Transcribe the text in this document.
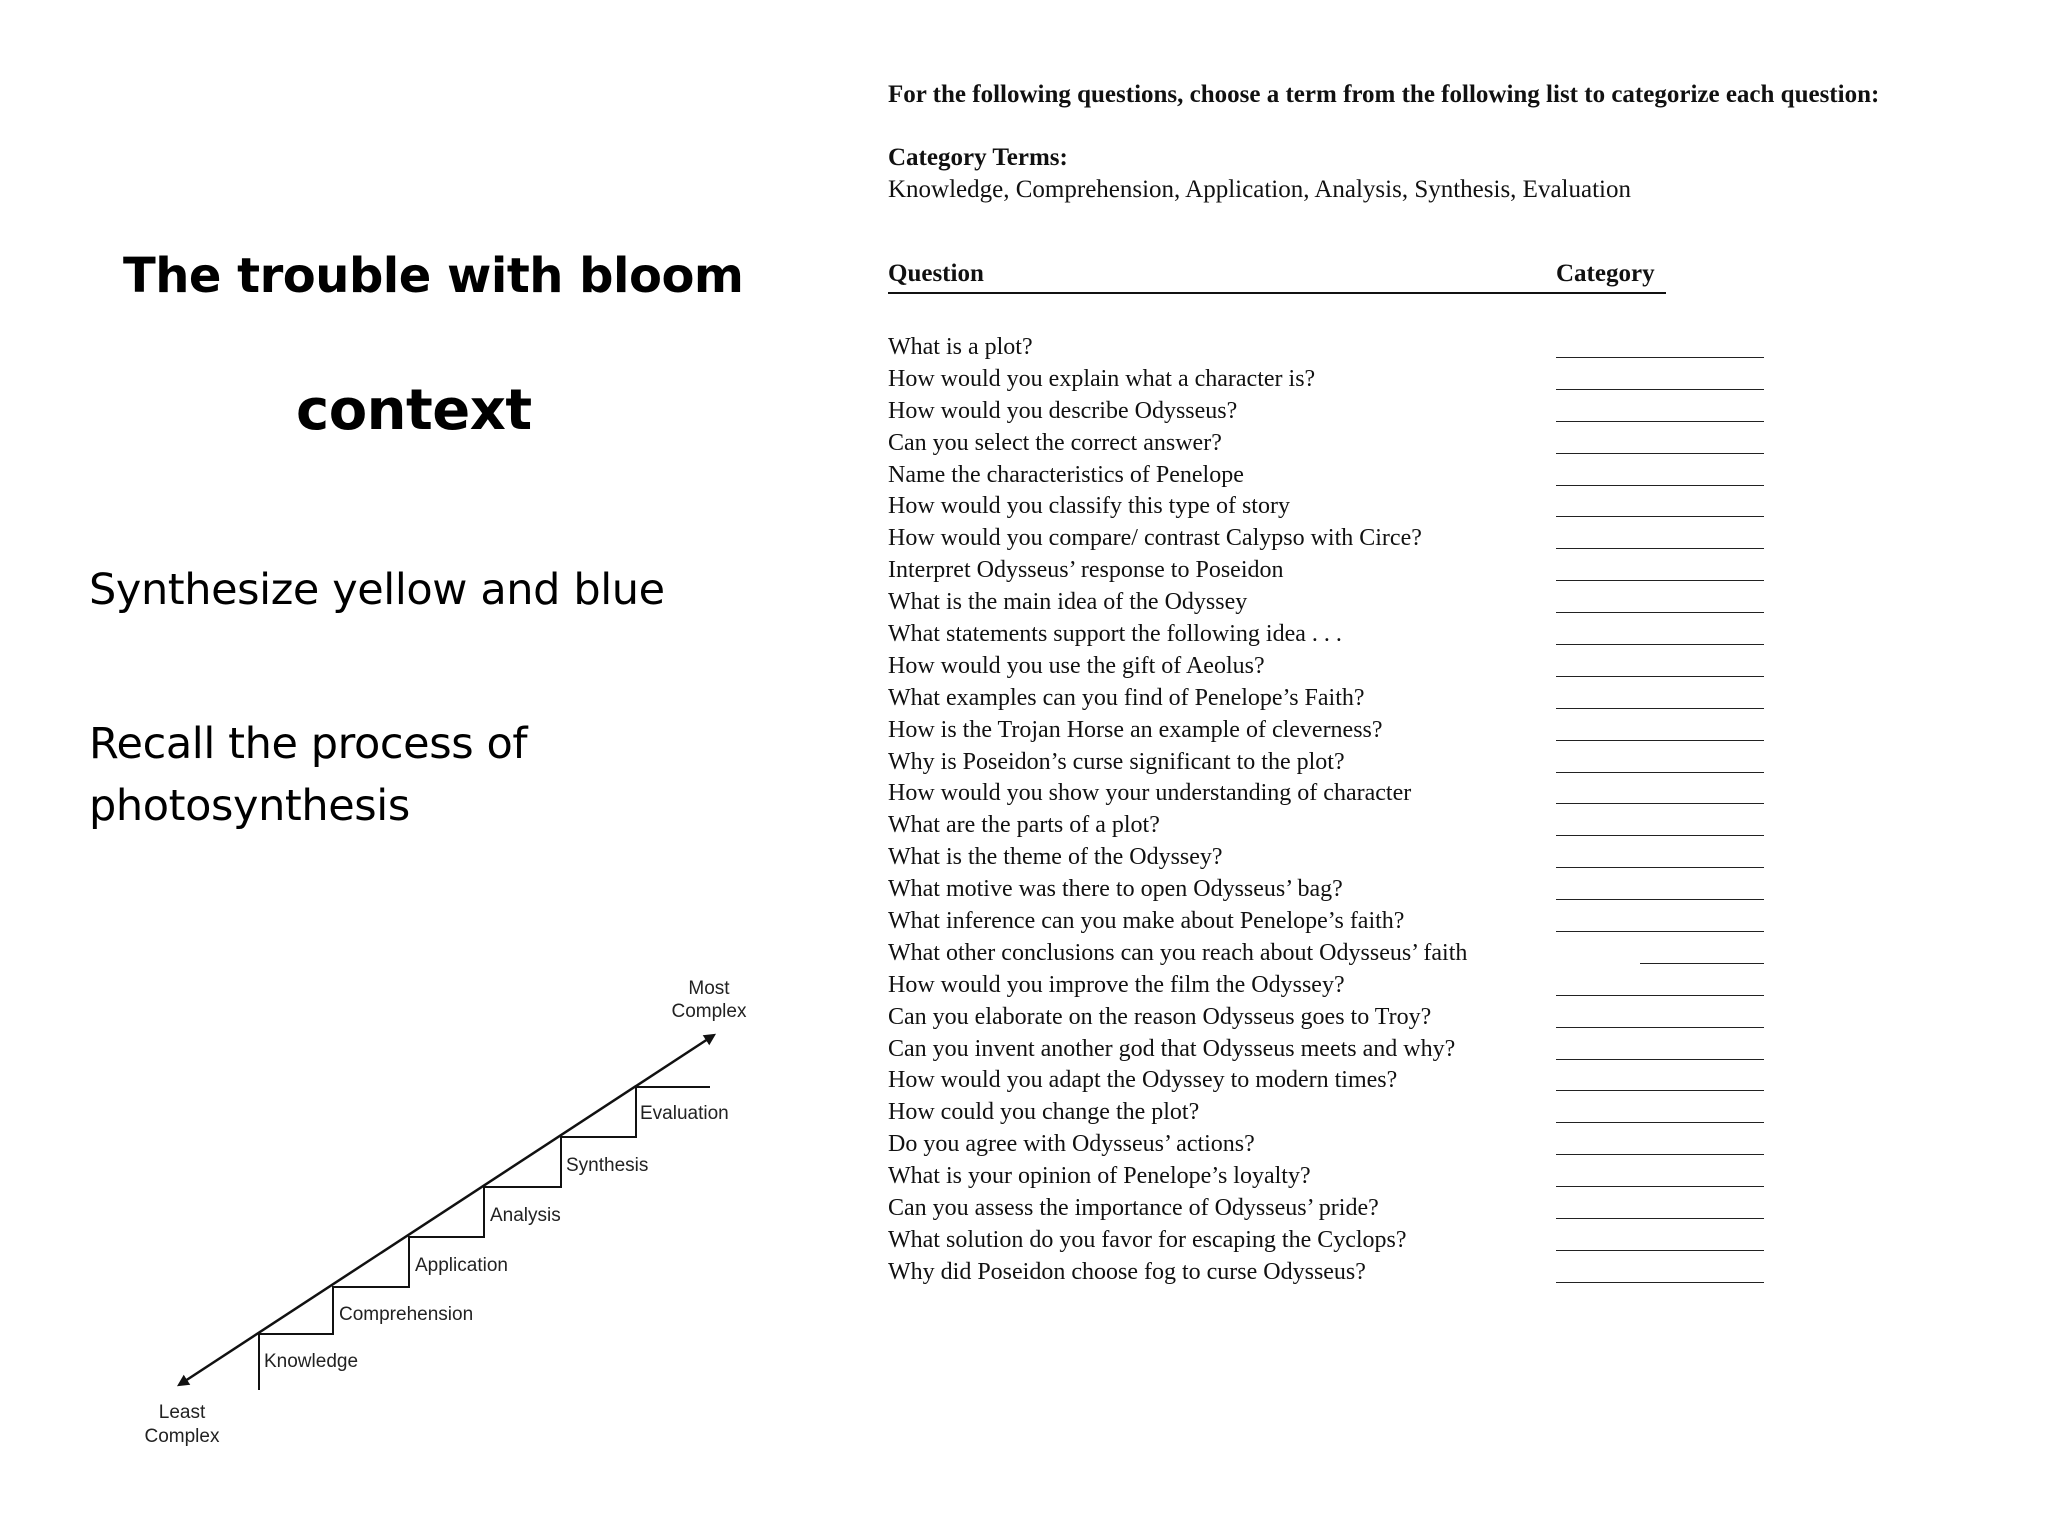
The trouble with bloom
context
Synthesize yellow and blue
Recall the process of
photosynthesis
Knowledge
Comprehension
Application
Analysis
Synthesis
Evaluation
Most
Complex
Least
Complex

For the following questions, choose a term from the following list to categorize each question:

Category Terms:
Knowledge, Comprehension, Application, Analysis, Synthesis, Evaluation
Question	Category
What is a plot?
How would you explain what a character is?
How would you describe Odysseus?
Can you select the correct answer?
Name the characteristics of Penelope
How would you classify this type of story
How would you compare/ contrast Calypso with Circe?
Interpret Odysseus’ response to Poseidon
What is the main idea of the Odyssey
What statements support the following idea . . .
How would you use the gift of Aeolus?
What examples can you find of Penelope’s Faith?
How is the Trojan Horse an example of cleverness?
Why is Poseidon’s curse significant to the plot?
How would you show your understanding of character
What are the parts of a plot?
What is the theme of the Odyssey?
What motive was there to open Odysseus’ bag?
What inference can you make about Penelope’s faith?
What other conclusions can you reach about Odysseus’ faith
How would you improve the film the Odyssey?
Can you elaborate on the reason Odysseus goes to Troy?
Can you invent another god that Odysseus meets and why?
How would you adapt the Odyssey to modern times?
How could you change the plot?
Do you agree with Odysseus’ actions?
What is your opinion of Penelope’s loyalty?
Can you assess the importance of Odysseus’ pride?
What solution do you favor for escaping the Cyclops?
Why did Poseidon choose fog to curse Odysseus?
